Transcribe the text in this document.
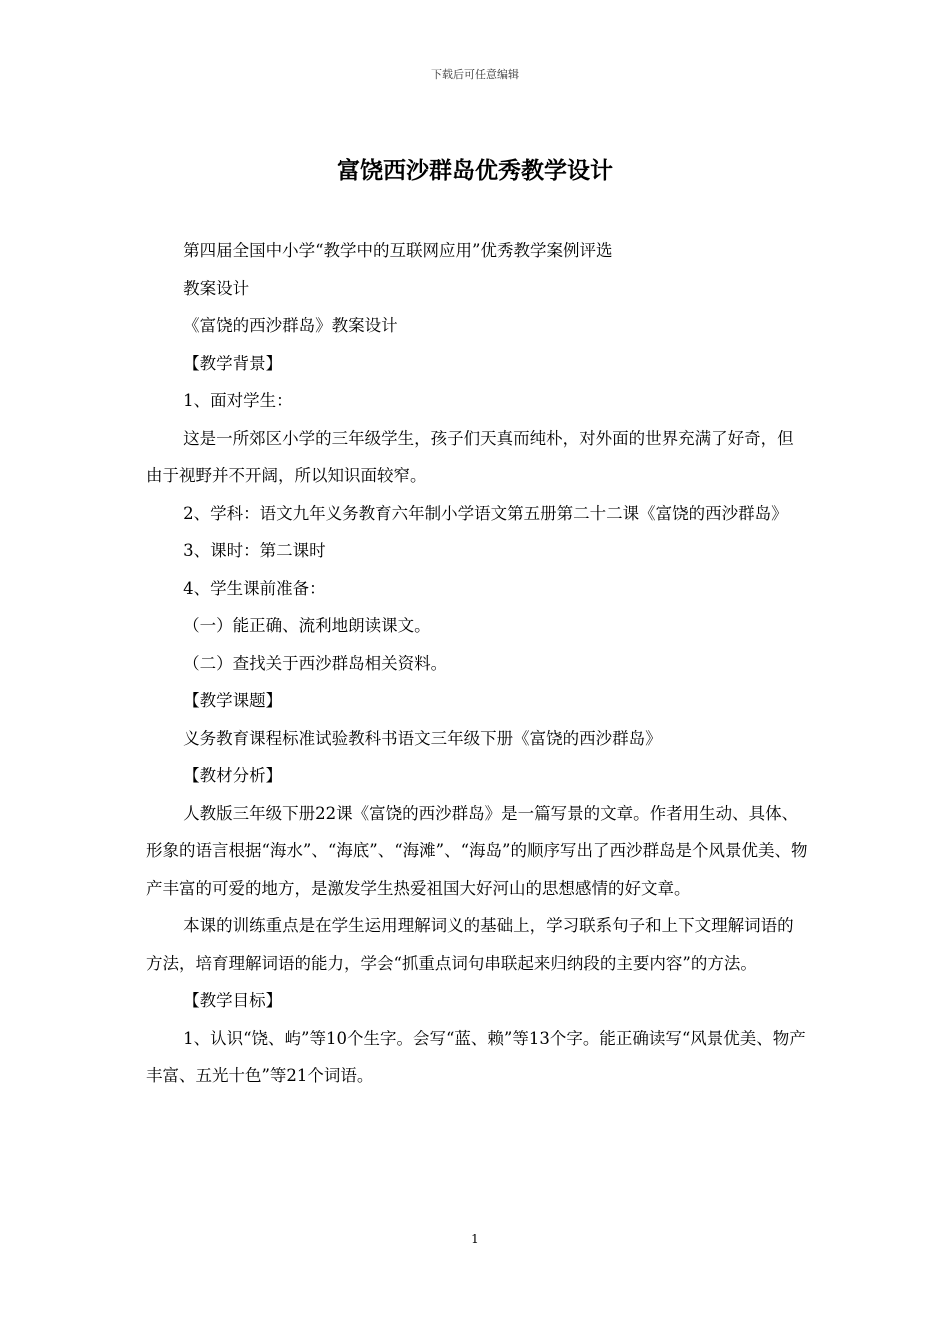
下载后可任意编辑
富饶西沙群岛优秀教学设计

第四届全国中小学“教学中的互联网应用”优秀教学案例评选

教案设计

《富饶的西沙群岛》教案设计

【教学背景】

1、面对学生：

这是一所郊区小学的三年级学生，孩子们天真而纯朴，对外面的世界充满了好奇，但由于视野并不开阔，所以知识面较窄。

2、学科：语文九年义务教育六年制小学语文第五册第二十二课《富饶的西沙群岛》

3、课时：第二课时

4、学生课前准备：

（一）能正确、流利地朗读课文。

（二）查找关于西沙群岛相关资料。

【教学课题】

义务教育课程标准试验教科书语文三年级下册《富饶的西沙群岛》

【教材分析】

人教版三年级下册22课《富饶的西沙群岛》是一篇写景的文章。作者用生动、具体、形象的语言根据“海水”、“海底”、“海滩”、“海岛”的顺序写出了西沙群岛是个风景优美、物产丰富的可爱的地方，是激发学生热爱祖国大好河山的思想感情的好文章。

本课的训练重点是在学生运用理解词义的基础上，学习联系句子和上下文理解词语的方法，培育理解词语的能力，学会“抓重点词句串联起来归纳段的主要内容”的方法。

【教学目标】

1、认识“饶、屿”等10个生字。会写“蓝、赖”等13个字。能正确读写“风景优美、物产丰富、五光十色”等21个词语。

1
